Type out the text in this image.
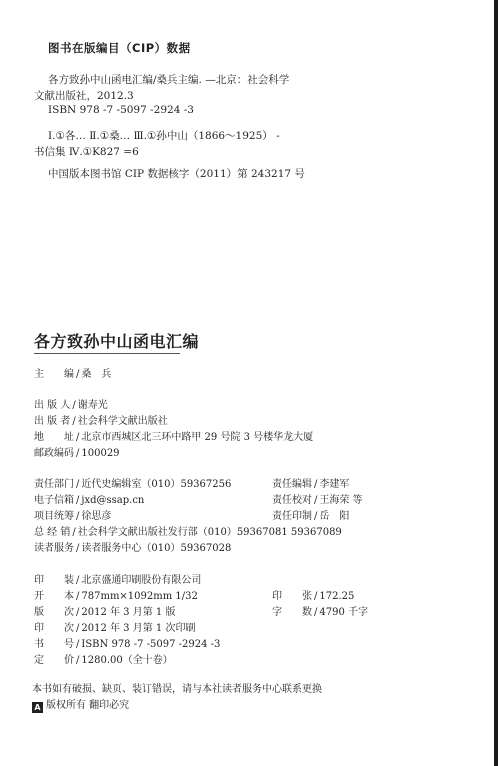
图书在版编目（CIP）数据
各方致孙中山函电汇编/桑兵主编. —北京：社会科学
文献出版社，2012.3
ISBN 978 -7 -5097 -2924 -3
Ⅰ.①各… Ⅱ.①桑… Ⅲ.①孙中山（1866～1925） -
书信集 Ⅳ.①K827 =6
中国版本图书馆 CIP 数据核字（2011）第 243217 号
各方致孙中山函电汇编
主　　编 / 桑　兵
出 版 人 / 谢寿光
出 版 者 / 社会科学文献出版社
地　　址 / 北京市西城区北三环中路甲 29 号院 3 号楼华龙大厦
邮政编码 / 100029
责任部门 / 近代史编辑室（010）59367256
电子信箱 / jxd@ssap.cn
项目统筹 / 徐思彦
总 经 销 / 社会科学文献出版社发行部（010）59367081 59367089
读者服务 / 读者服务中心（010）59367028
责任编辑 / 李建军
责任校对 / 王海荣 等
责任印制 / 岳　阳
印　　装 / 北京盛通印刷股份有限公司
开　　本 / 787mm×1092mm 1/32
版　　次 / 2012 年 3 月第 1 版
印　　次 / 2012 年 3 月第 1 次印刷
书　　号 / ISBN 978 -7 -5097 -2924 -3
定　　价 / 1280.00（全十卷）
印　　张 / 172.25
字　　数 / 4790 千字
本书如有破损、缺页、装订错误，请与本社读者服务中心联系更换
A 版权所有 翻印必究
